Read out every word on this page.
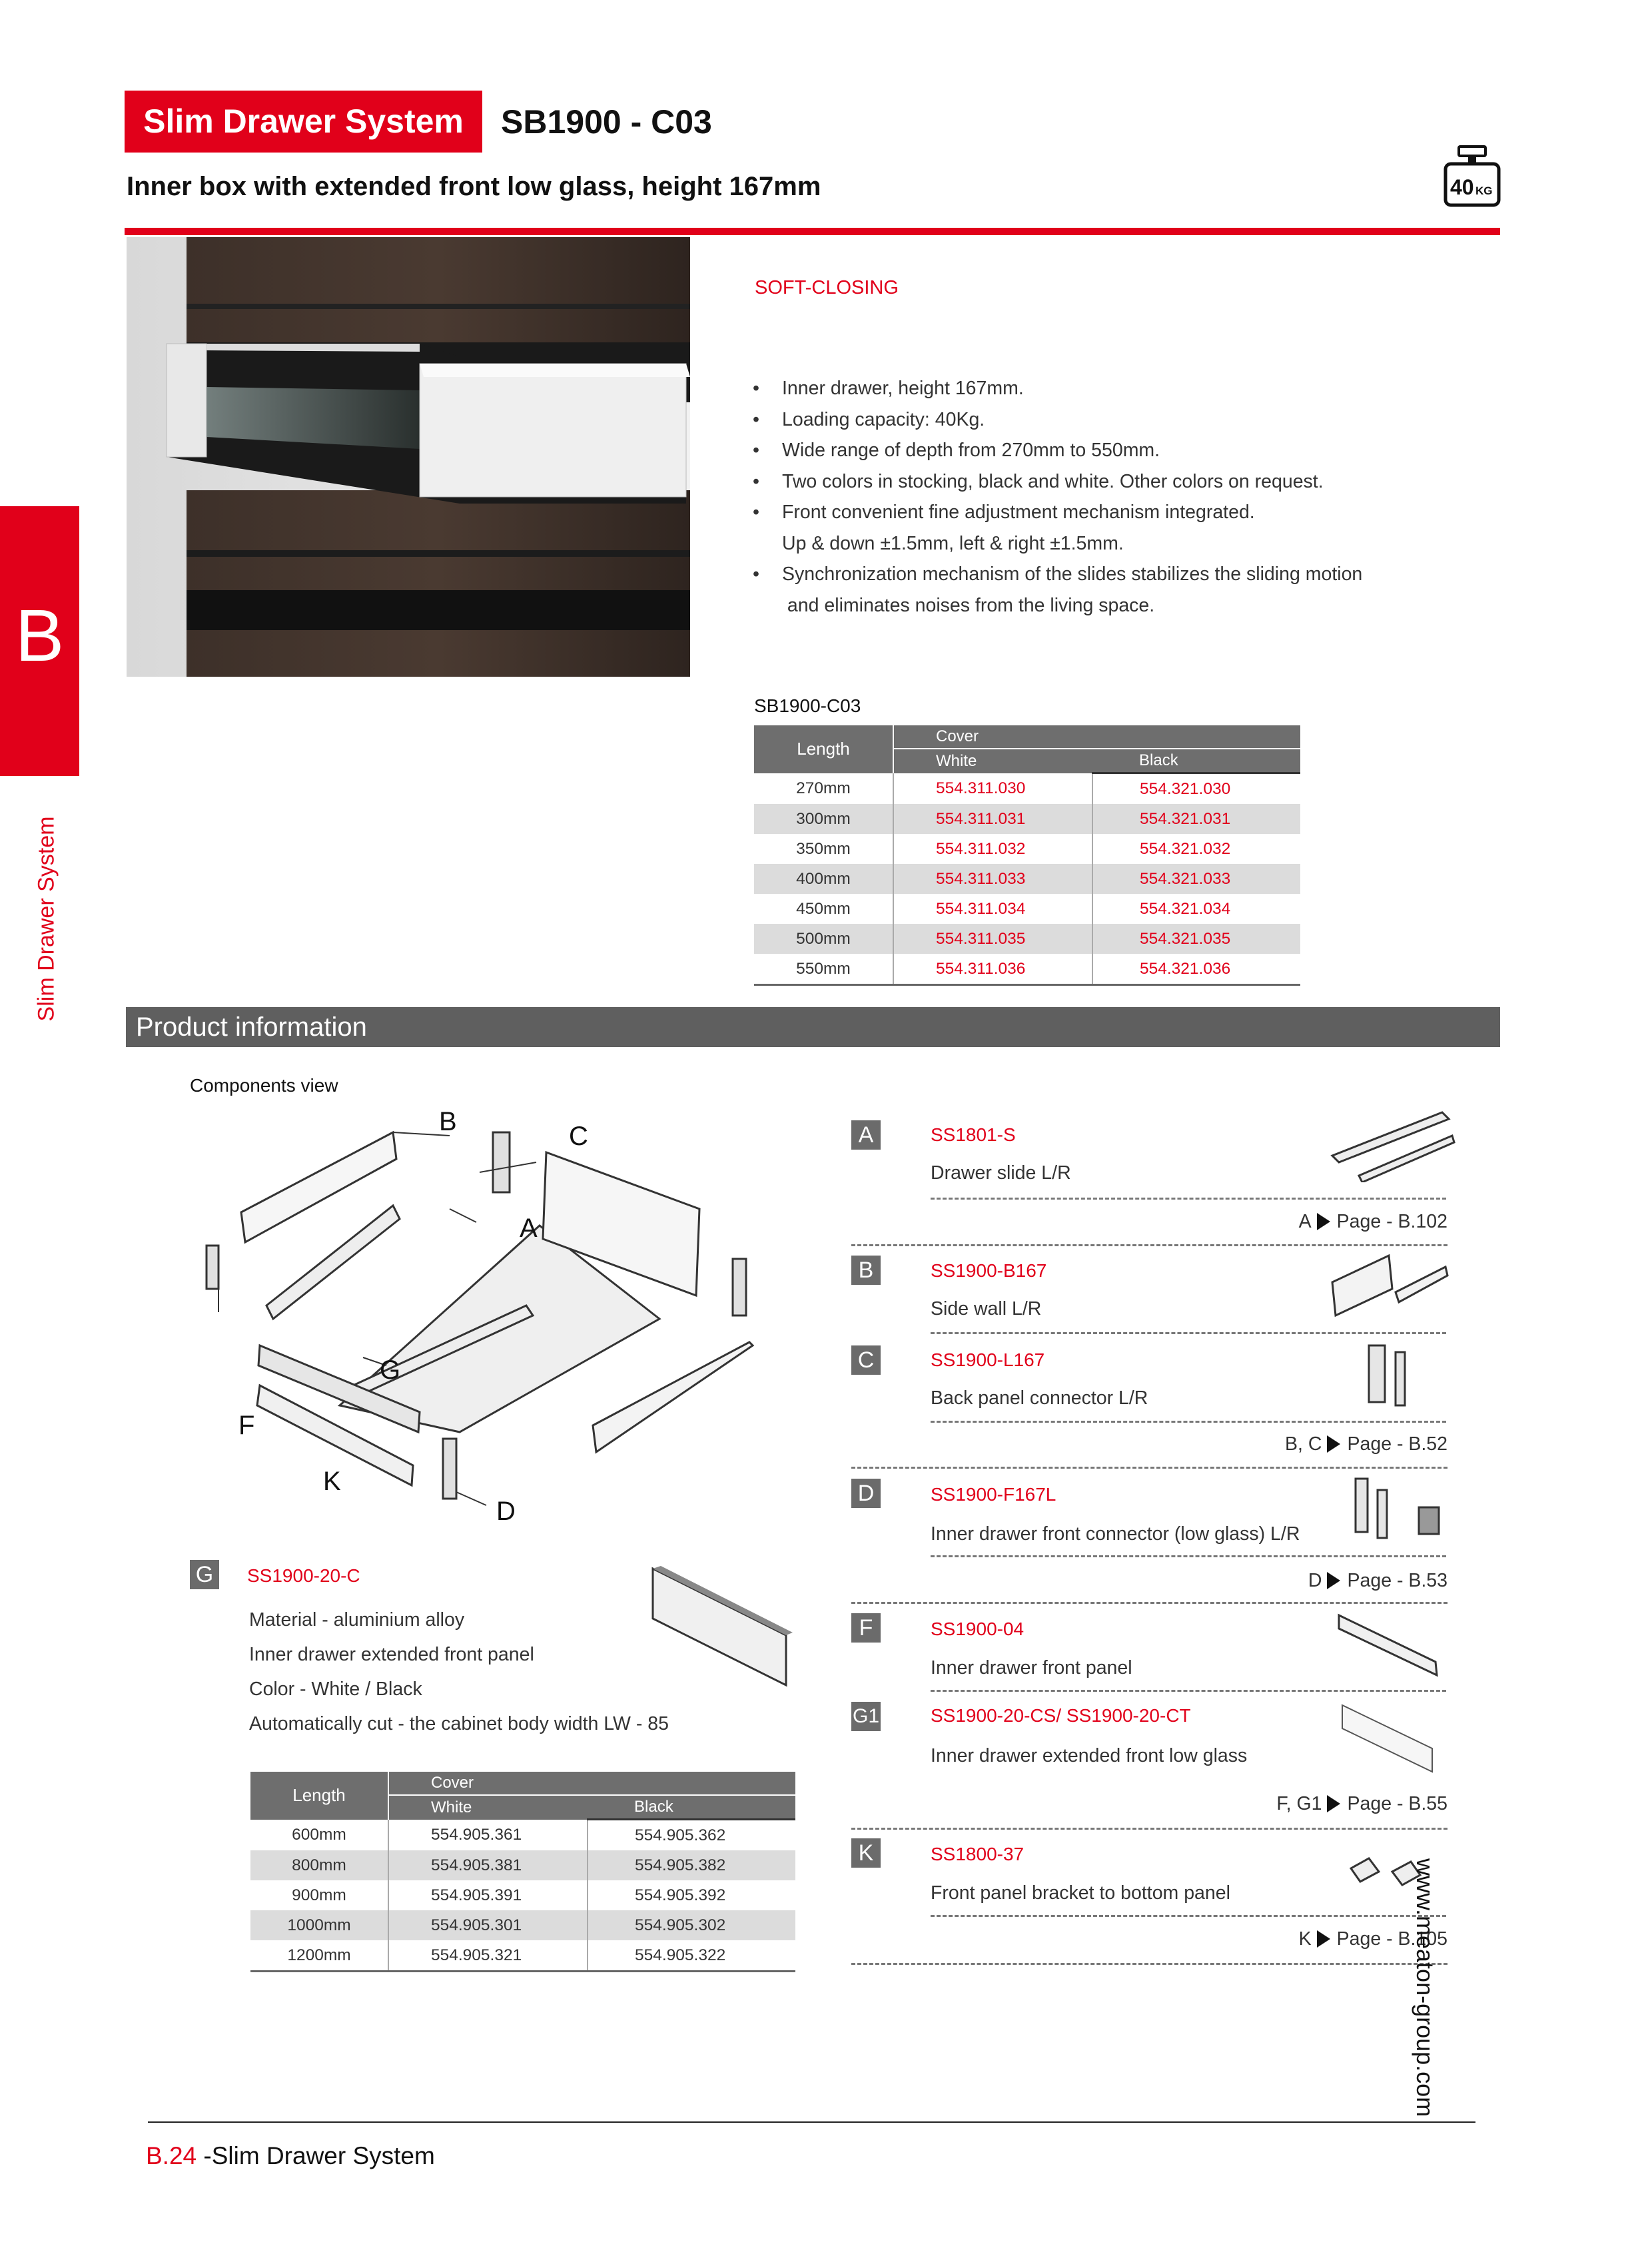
Slim Drawer System	SB1900 - C03
Inner box with extended front low glass, height 167mm	40 KG
B
Slim Drawer System
SOFT-CLOSING
• Inner drawer, height 167mm.
• Loading capacity: 40Kg.
• Wide range of depth from 270mm to 550mm.
• Two colors in stocking, black and white. Other colors on request.
• Front convenient fine adjustment mechanism integrated.
Up & down ±1.5mm, left & right ±1.5mm.
• Synchronization mechanism of the slides stabilizes the sliding motion
and eliminates noises from the living space.
SB1900-C03
Length	Cover	
	White	Black
270mm	554.311.030	554.321.030
300mm	554.311.031	554.321.031
350mm	554.311.032	554.321.032
400mm	554.311.033	554.321.033
450mm	554.311.034	554.321.034
500mm	554.311.035	554.321.035
550mm	554.311.036	554.321.036
Product information
Components view
B	C
A
G
F
K
D
G	SS1900-20-C
Material - aluminium alloy
Inner drawer extended front panel
Color - White / Black
Automatically cut - the cabinet body width LW - 85
Length	Cover	
	White	Black
600mm	554.905.361	554.905.362
800mm	554.905.381	554.905.382
900mm	554.905.391	554.905.392
1000mm	554.905.301	554.905.302
1200mm	554.905.321	554.905.322
A	SS1801-S
Drawer slide L/R
A Page - B.102
B	SS1900-B167
Side wall L/R
C	SS1900-L167
Back panel connector L/R
B, C Page - B.52
D	SS1900-F167L
Inner drawer front connector (low glass) L/R
D Page - B.53
F	SS1900-04
Inner drawer front panel
G1	SS1900-20-CS/ SS1900-20-CT
Inner drawer extended front low glass
F, G1 Page - B.55
K	SS1800-37
Front panel bracket to bottom panel
K Page - B.105
www.meaton-group.com
B.24 -Slim Drawer System
